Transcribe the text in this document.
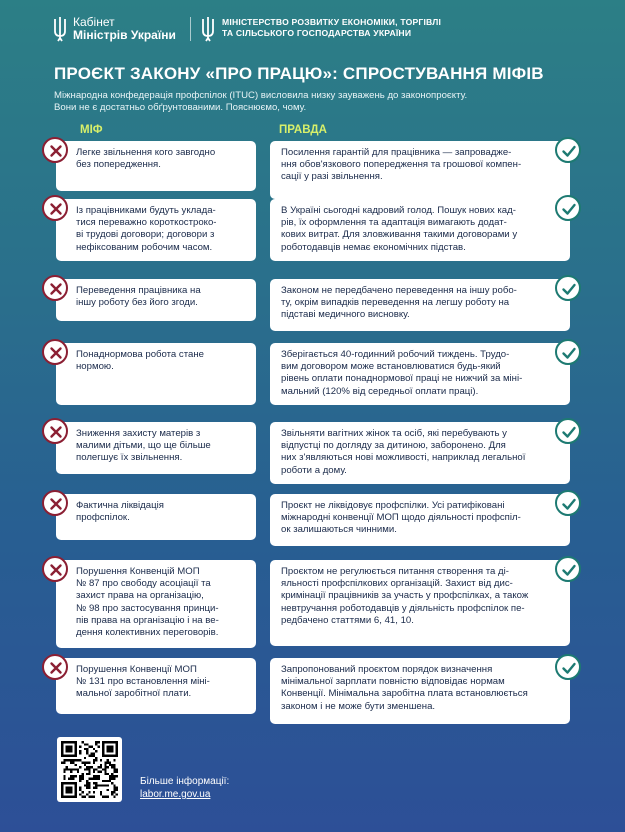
Кабінет
Міністрів України
МІНІСТЕРСТВО РОЗВИТКУ ЕКОНОМІКИ, ТОРГІВЛІ
ТА СІЛЬСЬКОГО ГОСПОДАРСТВА УКРАЇНИ
ПРОЄКТ ЗАКОНУ «ПРО ПРАЦЮ»: СПРОСТУВАННЯ МІФІВ
Міжнародна конфедерація профспілок (ITUC) висловила низку зауважень до законопроєкту.
Вони не є достатньо обґрунтованими. Пояснюємо, чому.
МІФ	ПРАВДА
Легке звільнення кого завгодно
без попередження.
Посилення гарантій для працівника — запровадже-
ння обов'язкового попередження та грошової компен-
сації у разі звільнення.
Із працівниками будуть уклада-
тися переважно короткостроко-
ві трудові договори; договори з
нефіксованим робочим часом.
В Україні сьогодні кадровий голод. Пошук нових кад-
рів, їх оформлення та адаптація вимагають додат-
кових витрат. Для зловживання такими договорами у
роботодавців немає економічних підстав.
Переведення працівника на
іншу роботу без його згоди.
Законом не передбачено переведення на іншу робо-
ту, окрім випадків переведення на легшу роботу на
підставі медичного висновку.
Понаднормова робота стане
нормою.
Зберігається 40-годинний робочий тиждень. Трудо-
вим договором може встановлюватися будь-який
рівень оплати понаднормової праці не нижчий за міні-
мальний (120% від середньої оплати праці).
Зниження захисту матерів з
малими дітьми, що ще більше
полегшує їх звільнення.
Звільняти вагітних жінок та осіб, які перебувають у
відпустці по догляду за дитиною, заборонено. Для
них з'являються нові можливості, наприклад легальної
роботи а дому.
Фактична ліквідація
профспілок.
Проєкт не ліквідовує профспілки. Усі ратифіковані
міжнародні конвенції МОП щодо діяльності профспіл-
ок залишаються чинними.
Порушення Конвенцій МОП
№ 87 про свободу асоціації та
захист права на організацію,
№ 98 про застосування принци-
пів права на організацію і на ве-
дення колективних переговорів.
Проєктом не регулюється питання створення та ді-
яльності профспілкових організацій. Захист від дис-
кримінації працівників за участь у профспілках, а також
невтручання роботодавців у діяльність профспілок пе-
редбачено статтями 6, 41, 10.
Порушення Конвенції МОП
№ 131 про встановлення міні-
мальної заробітної плати.
Запропонований проєктом порядок визначення
мінімальної зарплати повністю відповідає нормам
Конвенції. Мінімальна заробітна плата встановлюється
законом і не може бути зменшена.
Більше інформації:
labor.me.gov.ua
